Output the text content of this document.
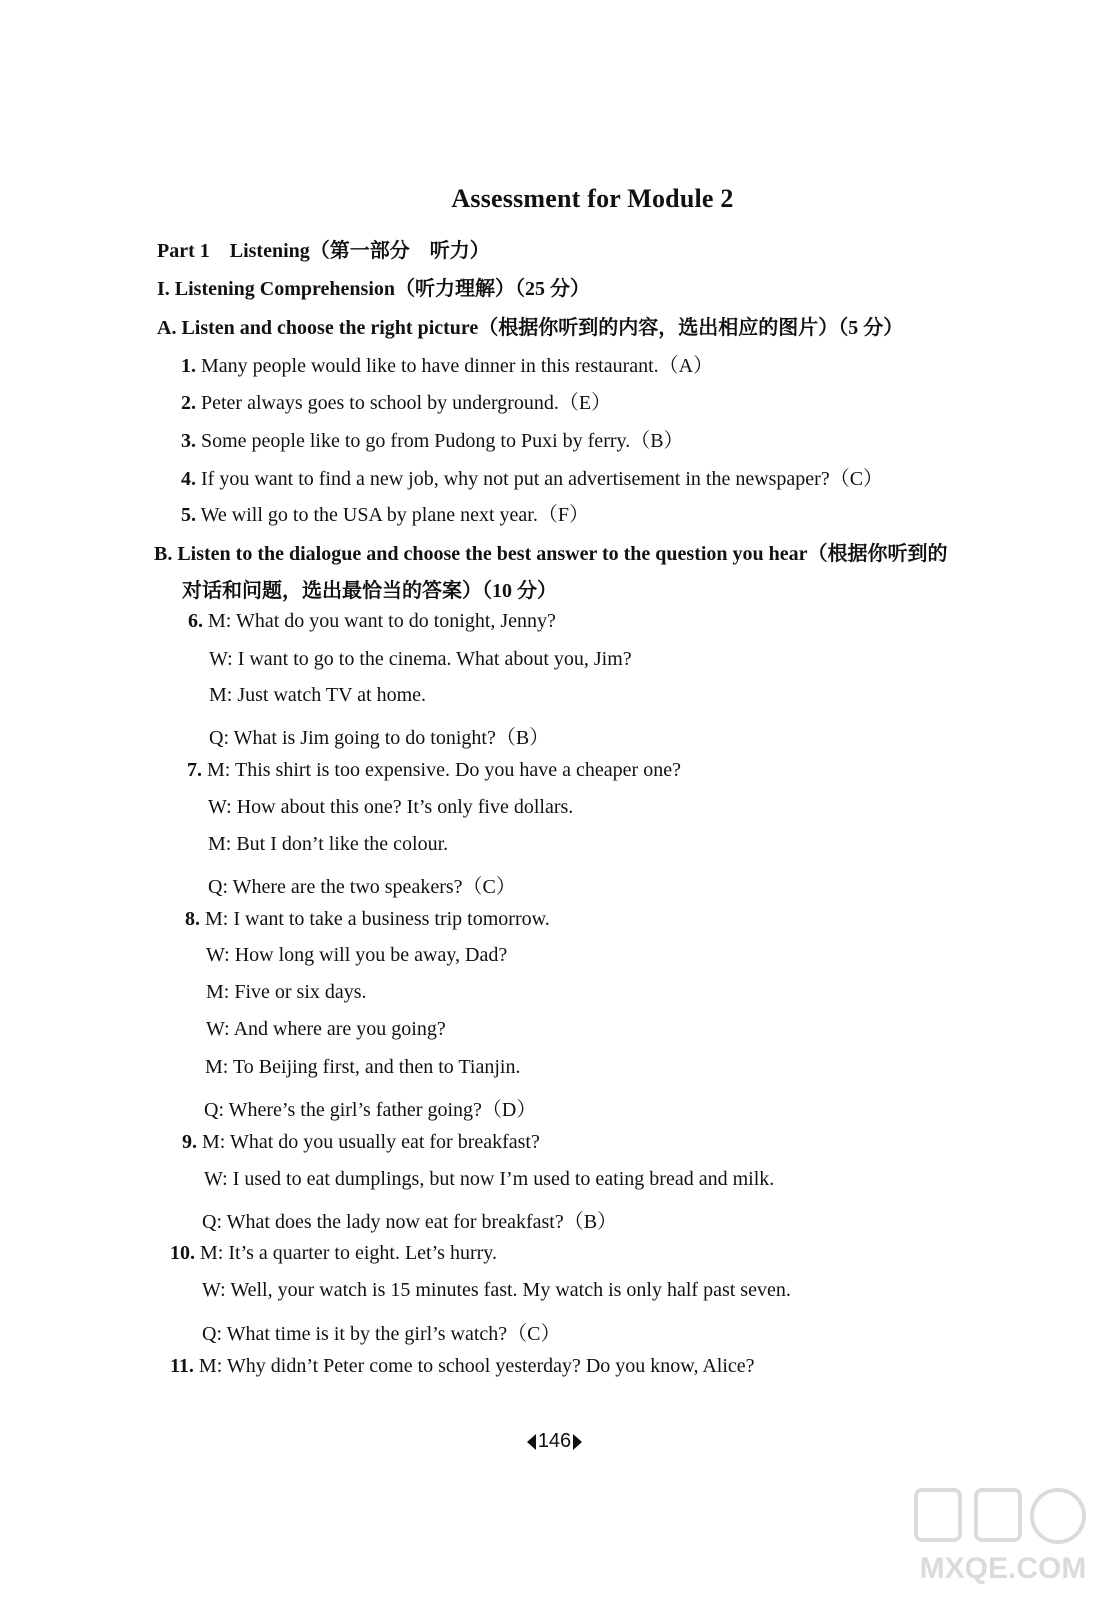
Assessment for Module 2
Part 1　Listening（第一部分　听力）
I. Listening Comprehension（听力理解）（25 分）
A. Listen and choose the right picture（根据你听到的内容，选出相应的图片）（5 分）
1. Many people would like to have dinner in this restaurant.（A）
2. Peter always goes to school by underground.（E）
3. Some people like to go from Pudong to Puxi by ferry.（B）
4. If you want to find a new job, why not put an advertisement in the newspaper?（C）
5. We will go to the USA by plane next year.（F）
B. Listen to the dialogue and choose the best answer to the question you hear（根据你听到的
对话和问题，选出最恰当的答案）（10 分）
6. M: What do you want to do tonight, Jenny?
W: I want to go to the cinema. What about you, Jim?
M: Just watch TV at home.
Q: What is Jim going to do tonight?（B）
7. M: This shirt is too expensive. Do you have a cheaper one?
W: How about this one? It’s only five dollars.
M: But I don’t like the colour.
Q: Where are the two speakers?（C）
8. M: I want to take a business trip tomorrow.
W: How long will you be away, Dad?
M: Five or six days.
W: And where are you going?
M: To Beijing first, and then to Tianjin.
Q: Where’s the girl’s father going?（D）
9. M: What do you usually eat for breakfast?
W: I used to eat dumplings, but now I’m used to eating bread and milk.
Q: What does the lady now eat for breakfast?（B）
10. M: It’s a quarter to eight. Let’s hurry.
W: Well, your watch is 15 minutes fast. My watch is only half past seven.
Q: What time is it by the girl’s watch?（C）
11. M: Why didn’t Peter come to school yesterday? Do you know, Alice?
146
MXQE.COM
